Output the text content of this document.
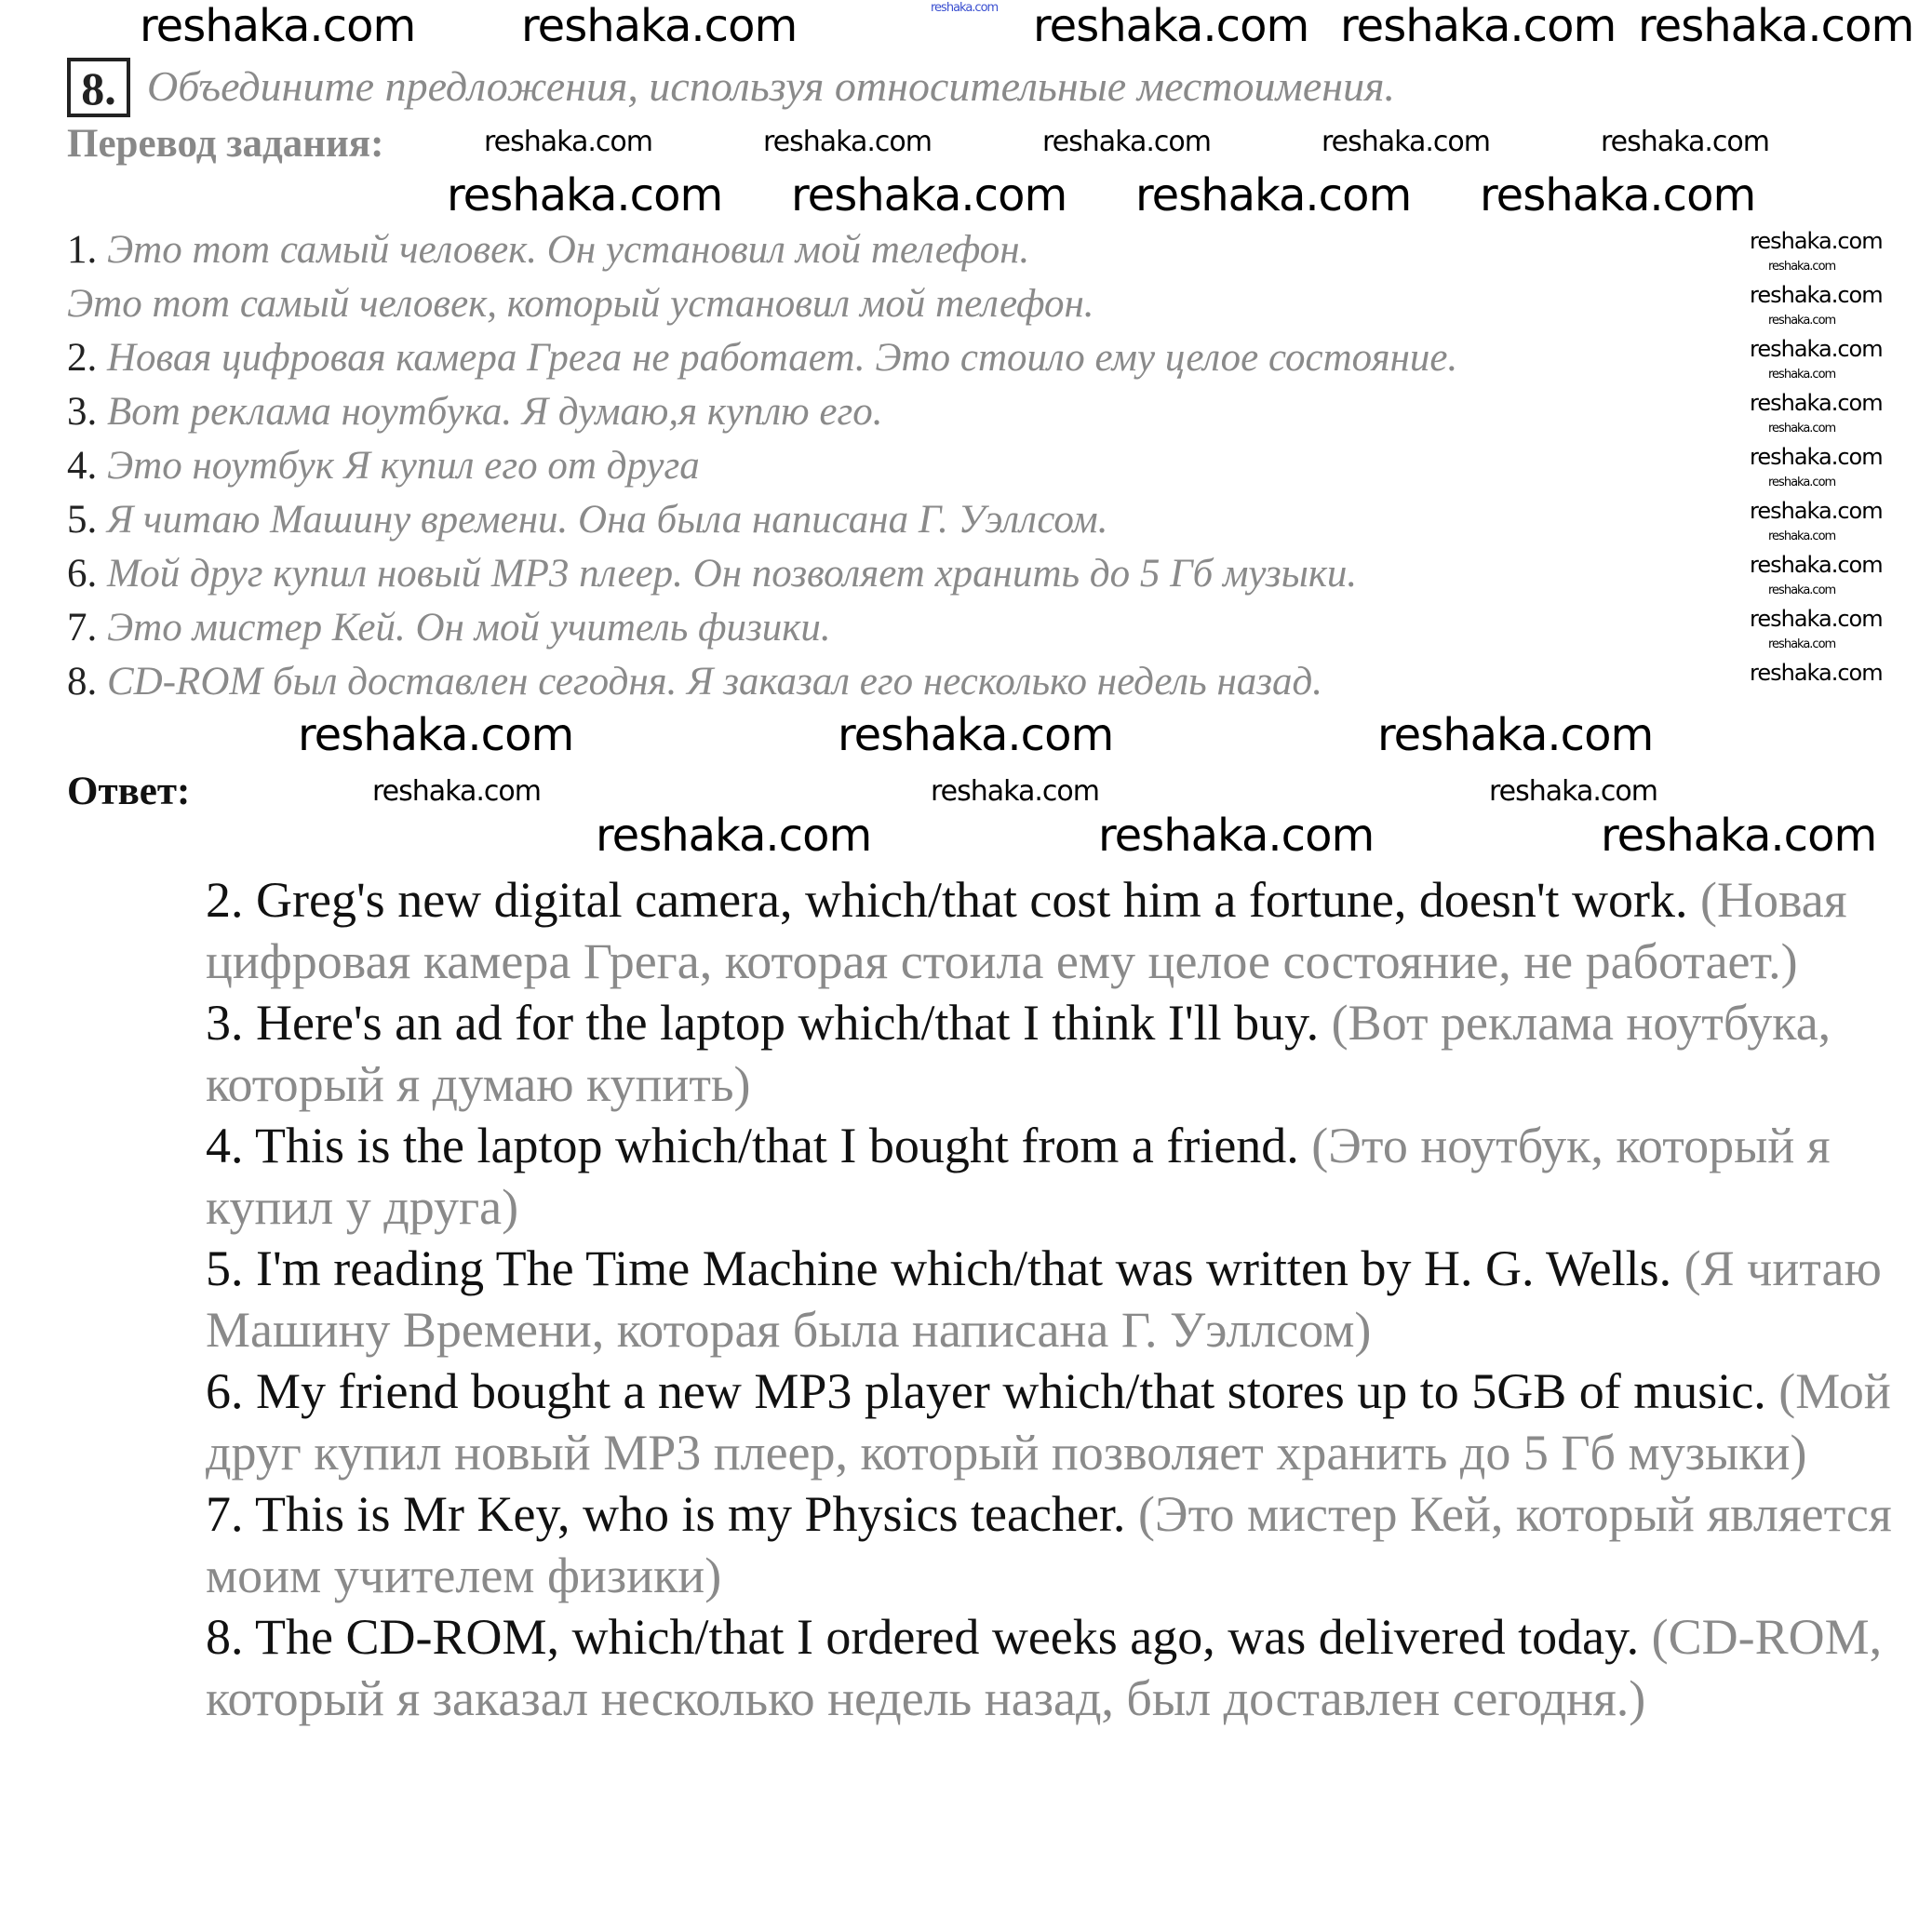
8. Объедините предложения, используя относительные местоимения.
Перевод задания:
1. Это тот самый человек. Он установил мой телефон.
Это тот самый человек, который установил мой телефон.
2. Новая цифровая камера Грега не работает. Это стоило ему целое состояние.
3. Вот реклама ноутбука. Я думаю,я куплю его.
4. Это ноутбук Я купил его от друга
5. Я читаю Машину времени. Она была написана Г. Уэллсом.
6. Мой друг купил новый MP3 плеер. Он позволяет хранить до 5 Гб музыки.
7. Это мистер Кей. Он мой учитель физики.
8. CD-ROM был доставлен сегодня. Я заказал его несколько недель назад.
Ответ:
2. Greg's new digital camera, which/that cost him a fortune, doesn't work. (Новая цифровая камера Грега, которая стоила ему целое состояние, не работает.)
3. Here's an ad for the laptop which/that I think I'll buy. (Вот реклама ноутбука, который я думаю купить)
4. This is the laptop which/that I bought from a friend. (Это ноутбук, который я купил у друга)
5. I'm reading The Time Machine which/that was written by H. G. Wells. (Я читаю Машину Времени, которая была написана Г. Уэллсом)
6. My friend bought a new MP3 player which/that stores up to 5GB of music. (Мой друг купил новый MP3 плеер, который позволяет хранить до 5 Гб музыки)
7. This is Mr Key, who is my Physics teacher. (Это мистер Кей, который является моим учителем физики)
8. The CD-ROM, which/that I ordered weeks ago, was delivered today. (CD-ROM, который я заказал несколько недель назад, был доставлен сегодня.)
reshaka.com
reshaka.com reshaka.com	reshaka.com reshaka.com reshaka.com
reshaka.com	reshaka.com	reshaka.com	reshaka.com	reshaka.com
reshaka.com reshaka.com reshaka.com reshaka.com
reshaka.com
reshaka.com
reshaka.com
reshaka.com
reshaka.com
reshaka.com
reshaka.com
reshaka.com
reshaka.com
reshaka.com
reshaka.com
reshaka.com
reshaka.com
reshaka.com
reshaka.com
reshaka.com
reshaka.com
reshaka.com	reshaka.com	reshaka.com
reshaka.com	reshaka.com	reshaka.com
reshaka.com	reshaka.com	reshaka.com
